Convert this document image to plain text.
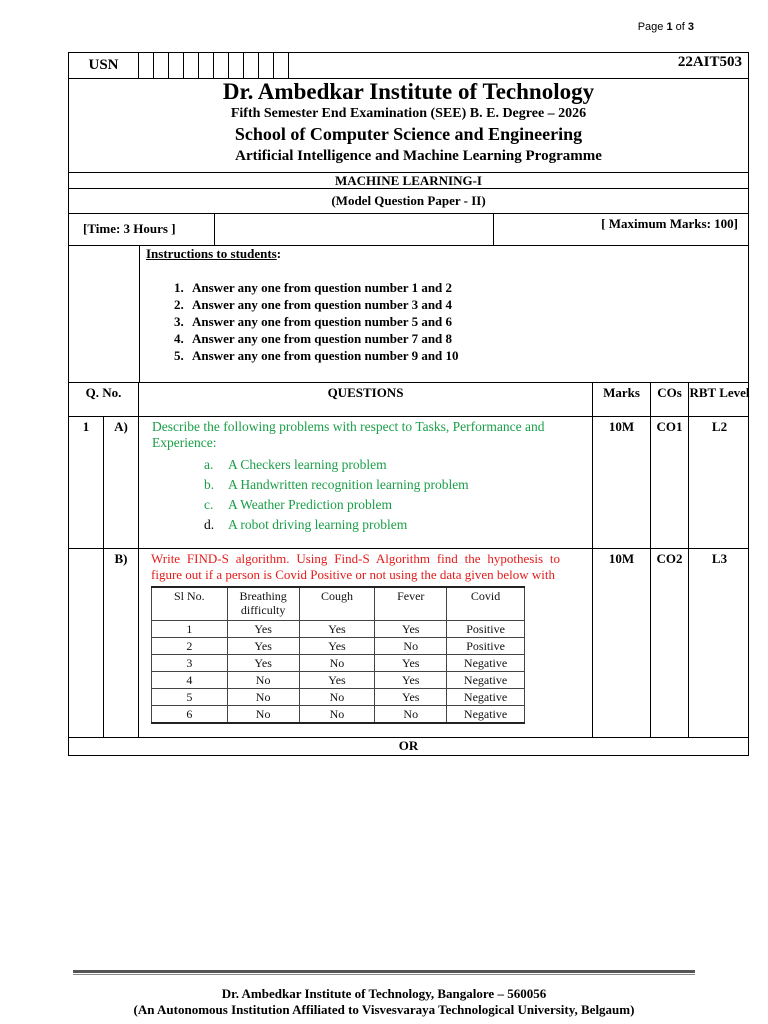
Page 1 of 3
USN	22AIT503
Dr. Ambedkar Institute of Technology
Fifth Semester End Examination (SEE) B. E. Degree – 2026
School of Computer Science and Engineering
Artificial Intelligence and Machine Learning Programme
MACHINE LEARNING-I
(Model Question Paper - II)
[Time: 3 Hours ]	[ Maximum Marks: 100]
Instructions to students:
1. Answer any one from question number 1 and 2
2. Answer any one from question number 3 and 4
3. Answer any one from question number 5 and 6
4. Answer any one from question number 7 and 8
5. Answer any one from question number 9 and 10
Q. No.	QUESTIONS	Marks	COs RBT Level
1	A)	Describe the following problems with respect to Tasks, Performance and Experience:
a. A Checkers learning problem
b. A Handwritten recognition learning problem
c. A Weather Prediction problem
d. A robot driving learning problem
10M	CO1	L2
B)	Write FIND-S algorithm. Using Find-S Algorithm find the hypothesis to figure out if a person is Covid Positive or not using the data given below with
Sl No.	Breathing difficulty	Cough	Fever	Covid
1	Yes	Yes	Yes	Positive
2	Yes	Yes	No	Positive
3	Yes	No	Yes	Negative
4	No	Yes	Yes	Negative
5	No	No	Yes	Negative
6	No	No	No	Negative
10M	CO2	L3
OR
Dr. Ambedkar Institute of Technology, Bangalore – 560056
(An Autonomous Institution Affiliated to Visvesvaraya Technological University, Belgaum)
